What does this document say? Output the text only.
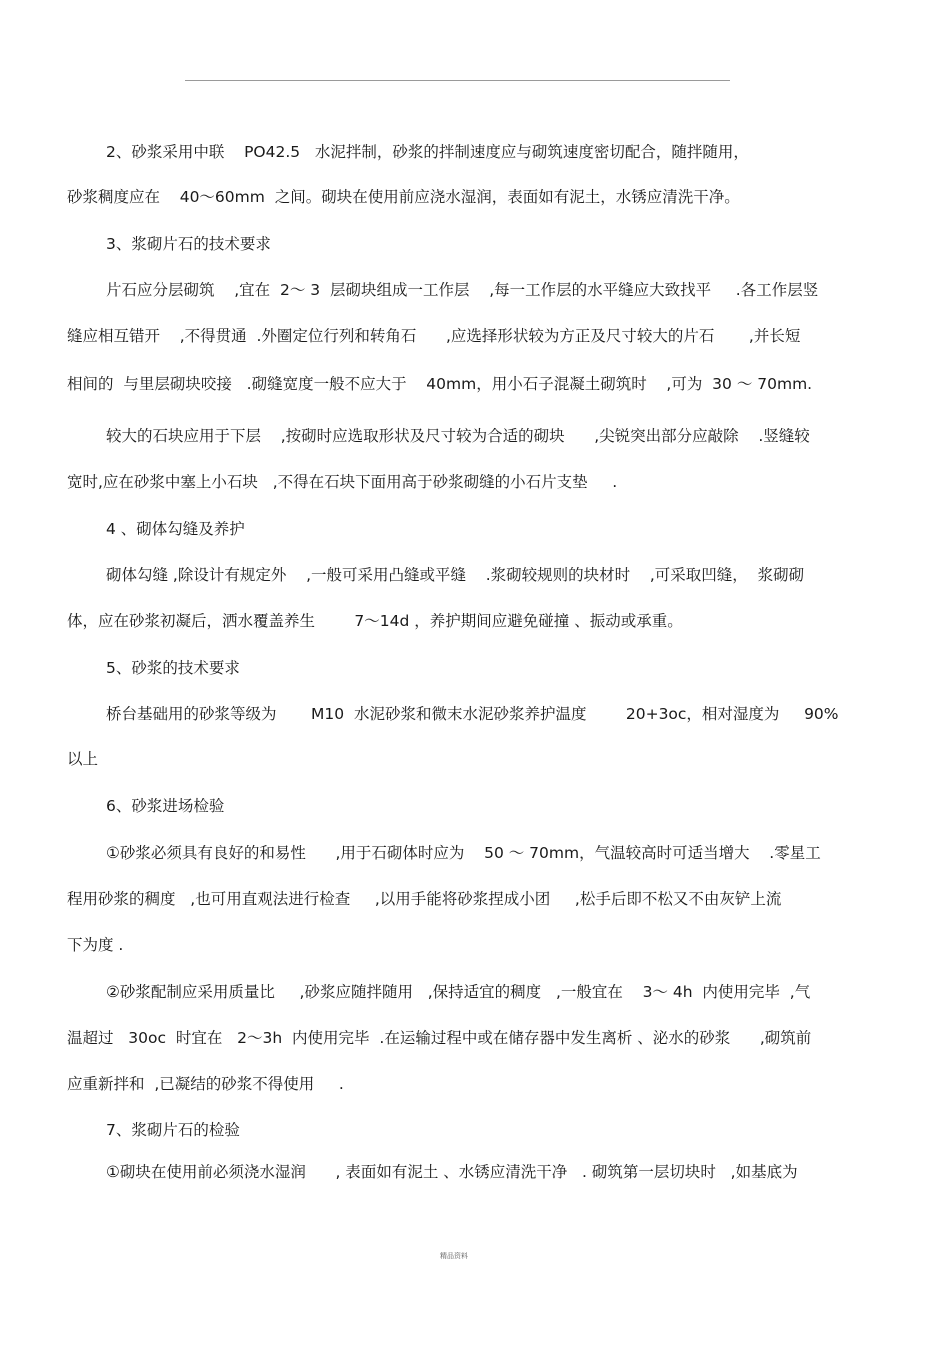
2、砂浆采用中联    PO42.5   水泥拌制，砂浆的拌制速度应与砌筑速度密切配合，随拌随用，
砂浆稠度应在    40～60mm  之间。砌块在使用前应浇水湿润，表面如有泥土，水锈应清洗干净。
3、浆砌片石的技术要求
片石应分层砌筑    ,宜在  2～ 3  层砌块组成一工作层    ,每一工作层的水平缝应大致找平     .各工作层竖
缝应相互错开    ,不得贯通  .外圈定位行列和转角石      ,应选择形状较为方正及尺寸较大的片石       ,并长短
相间的  与里层砌块咬接   .砌缝宽度一般不应大于    40mm，用小石子混凝土砌筑时    ,可为  30 ～ 70mm.
较大的石块应用于下层    ,按砌时应选取形状及尺寸较为合适的砌块      ,尖锐突出部分应敲除    .竖缝较
宽时,应在砂浆中塞上小石块   ,不得在石块下面用高于砂浆砌缝的小石片支垫     .
4 、砌体勾缝及养护
砌体勾缝 ,除设计有规定外    ,一般可采用凸缝或平缝    .浆砌较规则的块材时    ,可采取凹缝，  浆砌砌
体，应在砂浆初凝后，洒水覆盖养生        7～14d ，养护期间应避免碰撞 、振动或承重。
5、砂浆的技术要求
桥台基础用的砂浆等级为       M10  水泥砂浆和微末水泥砂浆养护温度        20+3oc，相对湿度为     90%
以上
6、砂浆进场检验
①砂浆必须具有良好的和易性      ,用于石砌体时应为    50 ～ 70mm，气温较高时可适当增大    .零星工
程用砂浆的稠度   ,也可用直观法进行检查     ,以用手能将砂浆捏成小团     ,松手后即不松又不由灰铲上流
下为度 .
②砂浆配制应采用质量比     ,砂浆应随拌随用   ,保持适宜的稠度   ,一般宜在    3～ 4h  内使用完毕  ,气
温超过   30oc  时宜在   2～3h  内使用完毕  .在运输过程中或在储存器中发生离析 、泌水的砂浆      ,砌筑前
应重新拌和  ,已凝结的砂浆不得使用     .
7、浆砌片石的检验
①砌块在使用前必须浇水湿润      , 表面如有泥土 、水锈应清洗干净   . 砌筑第一层切块时   ,如基底为
精品资料
